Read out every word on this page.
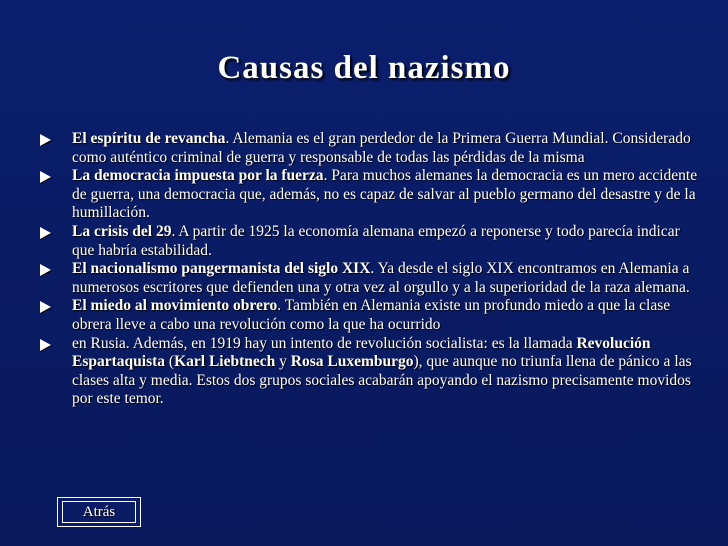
Causas del nazismo
El espíritu de revancha. Alemania es el gran perdedor de la Primera Guerra Mundial. Considerado como auténtico criminal de guerra y responsable de todas las pérdidas de la misma
La democracia impuesta por la fuerza. Para muchos alemanes la democracia es un mero accidente de guerra, una democracia que, además, no es capaz de salvar al pueblo germano del desastre y de la humillación.
La crisis del 29. A partir de 1925 la economía alemana empezó a reponerse y todo parecía indicar que habría estabilidad.
El nacionalismo pangermanista del siglo XIX. Ya desde el siglo XIX encontramos en Alemania a numerosos escritores que defienden una y otra vez al orgullo y a la superioridad de la raza alemana.
El miedo al movimiento obrero. También en Alemania existe un profundo miedo a que la clase obrera lleve a cabo una revolución como la que ha ocurrido
en Rusia. Además, en 1919 hay un intento de revolución socialista: es la llamada Revolución Espartaquista (Karl Liebtnech y Rosa Luxemburgo), que aunque no triunfa llena de pánico a las clases alta y media. Estos dos grupos sociales acabarán apoyando el nazismo precisamente movidos por este temor.
Atrás
